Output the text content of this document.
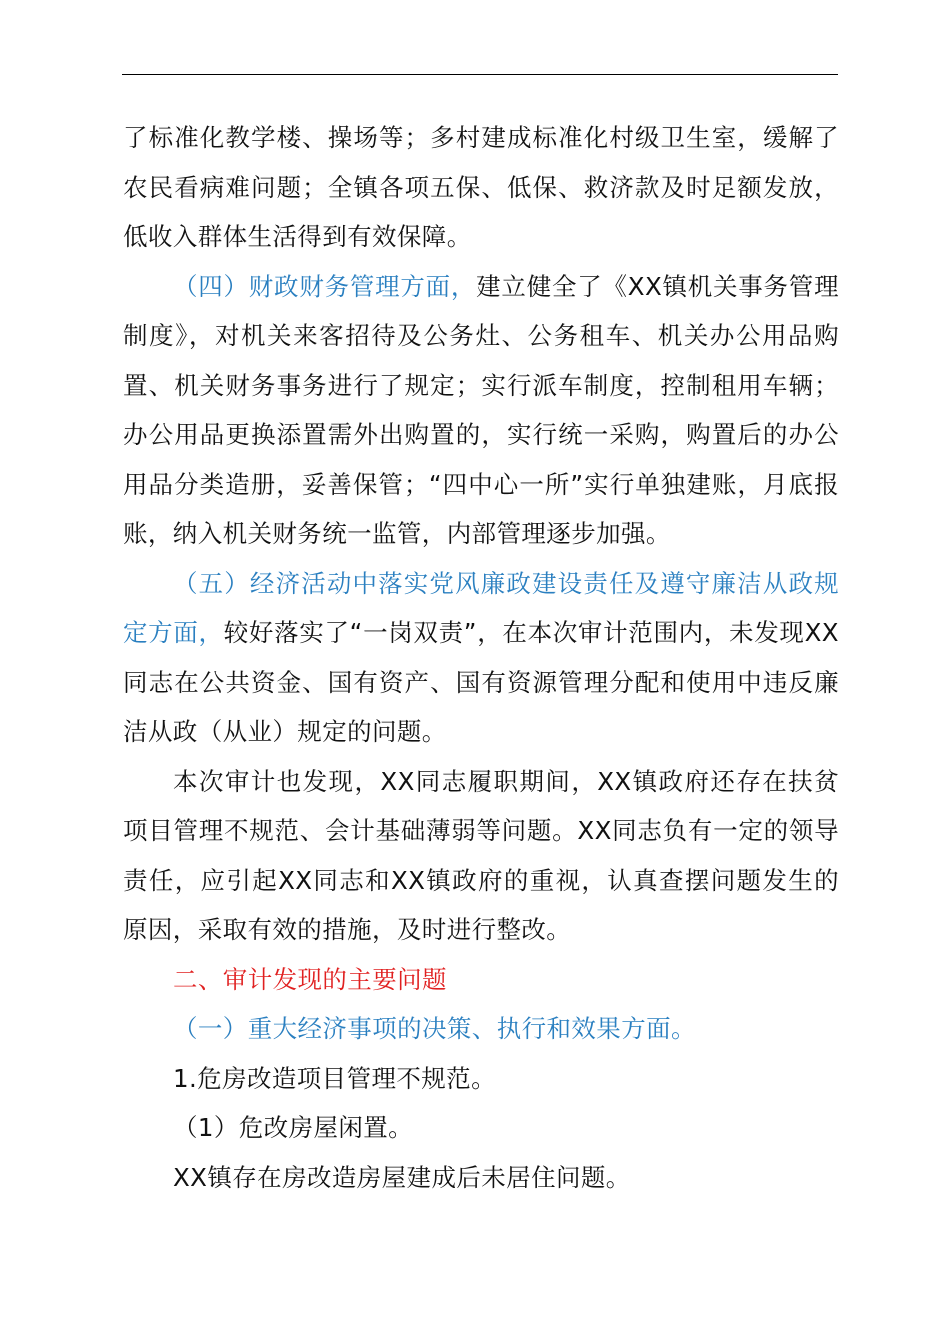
了标准化教学楼、操场等；多村建成标准化村级卫生室，缓解了农民看病难问题；全镇各项五保、低保、救济款及时足额发放，低收入群体生活得到有效保障。

（四）财政财务管理方面，建立健全了《XX镇机关事务管理制度》，对机关来客招待及公务灶、公务租车、机关办公用品购置、机关财务事务进行了规定；实行派车制度，控制租用车辆；办公用品更换添置需外出购置的，实行统一采购，购置后的办公用品分类造册，妥善保管；“四中心一所”实行单独建账，月底报账，纳入机关财务统一监管，内部管理逐步加强。

（五）经济活动中落实党风廉政建设责任及遵守廉洁从政规定方面，较好落实了“一岗双责”，在本次审计范围内，未发现XX同志在公共资金、国有资产、国有资源管理分配和使用中违反廉洁从政（从业）规定的问题。

本次审计也发现，XX同志履职期间，XX镇政府还存在扶贫项目管理不规范、会计基础薄弱等问题。XX同志负有一定的领导责任，应引起XX同志和XX镇政府的重视，认真查摆问题发生的原因，采取有效的措施，及时进行整改。

二、审计发现的主要问题

（一）重大经济事项的决策、执行和效果方面。

1.危房改造项目管理不规范。

（1）危改房屋闲置。

XX镇存在房改造房屋建成后未居住问题。
